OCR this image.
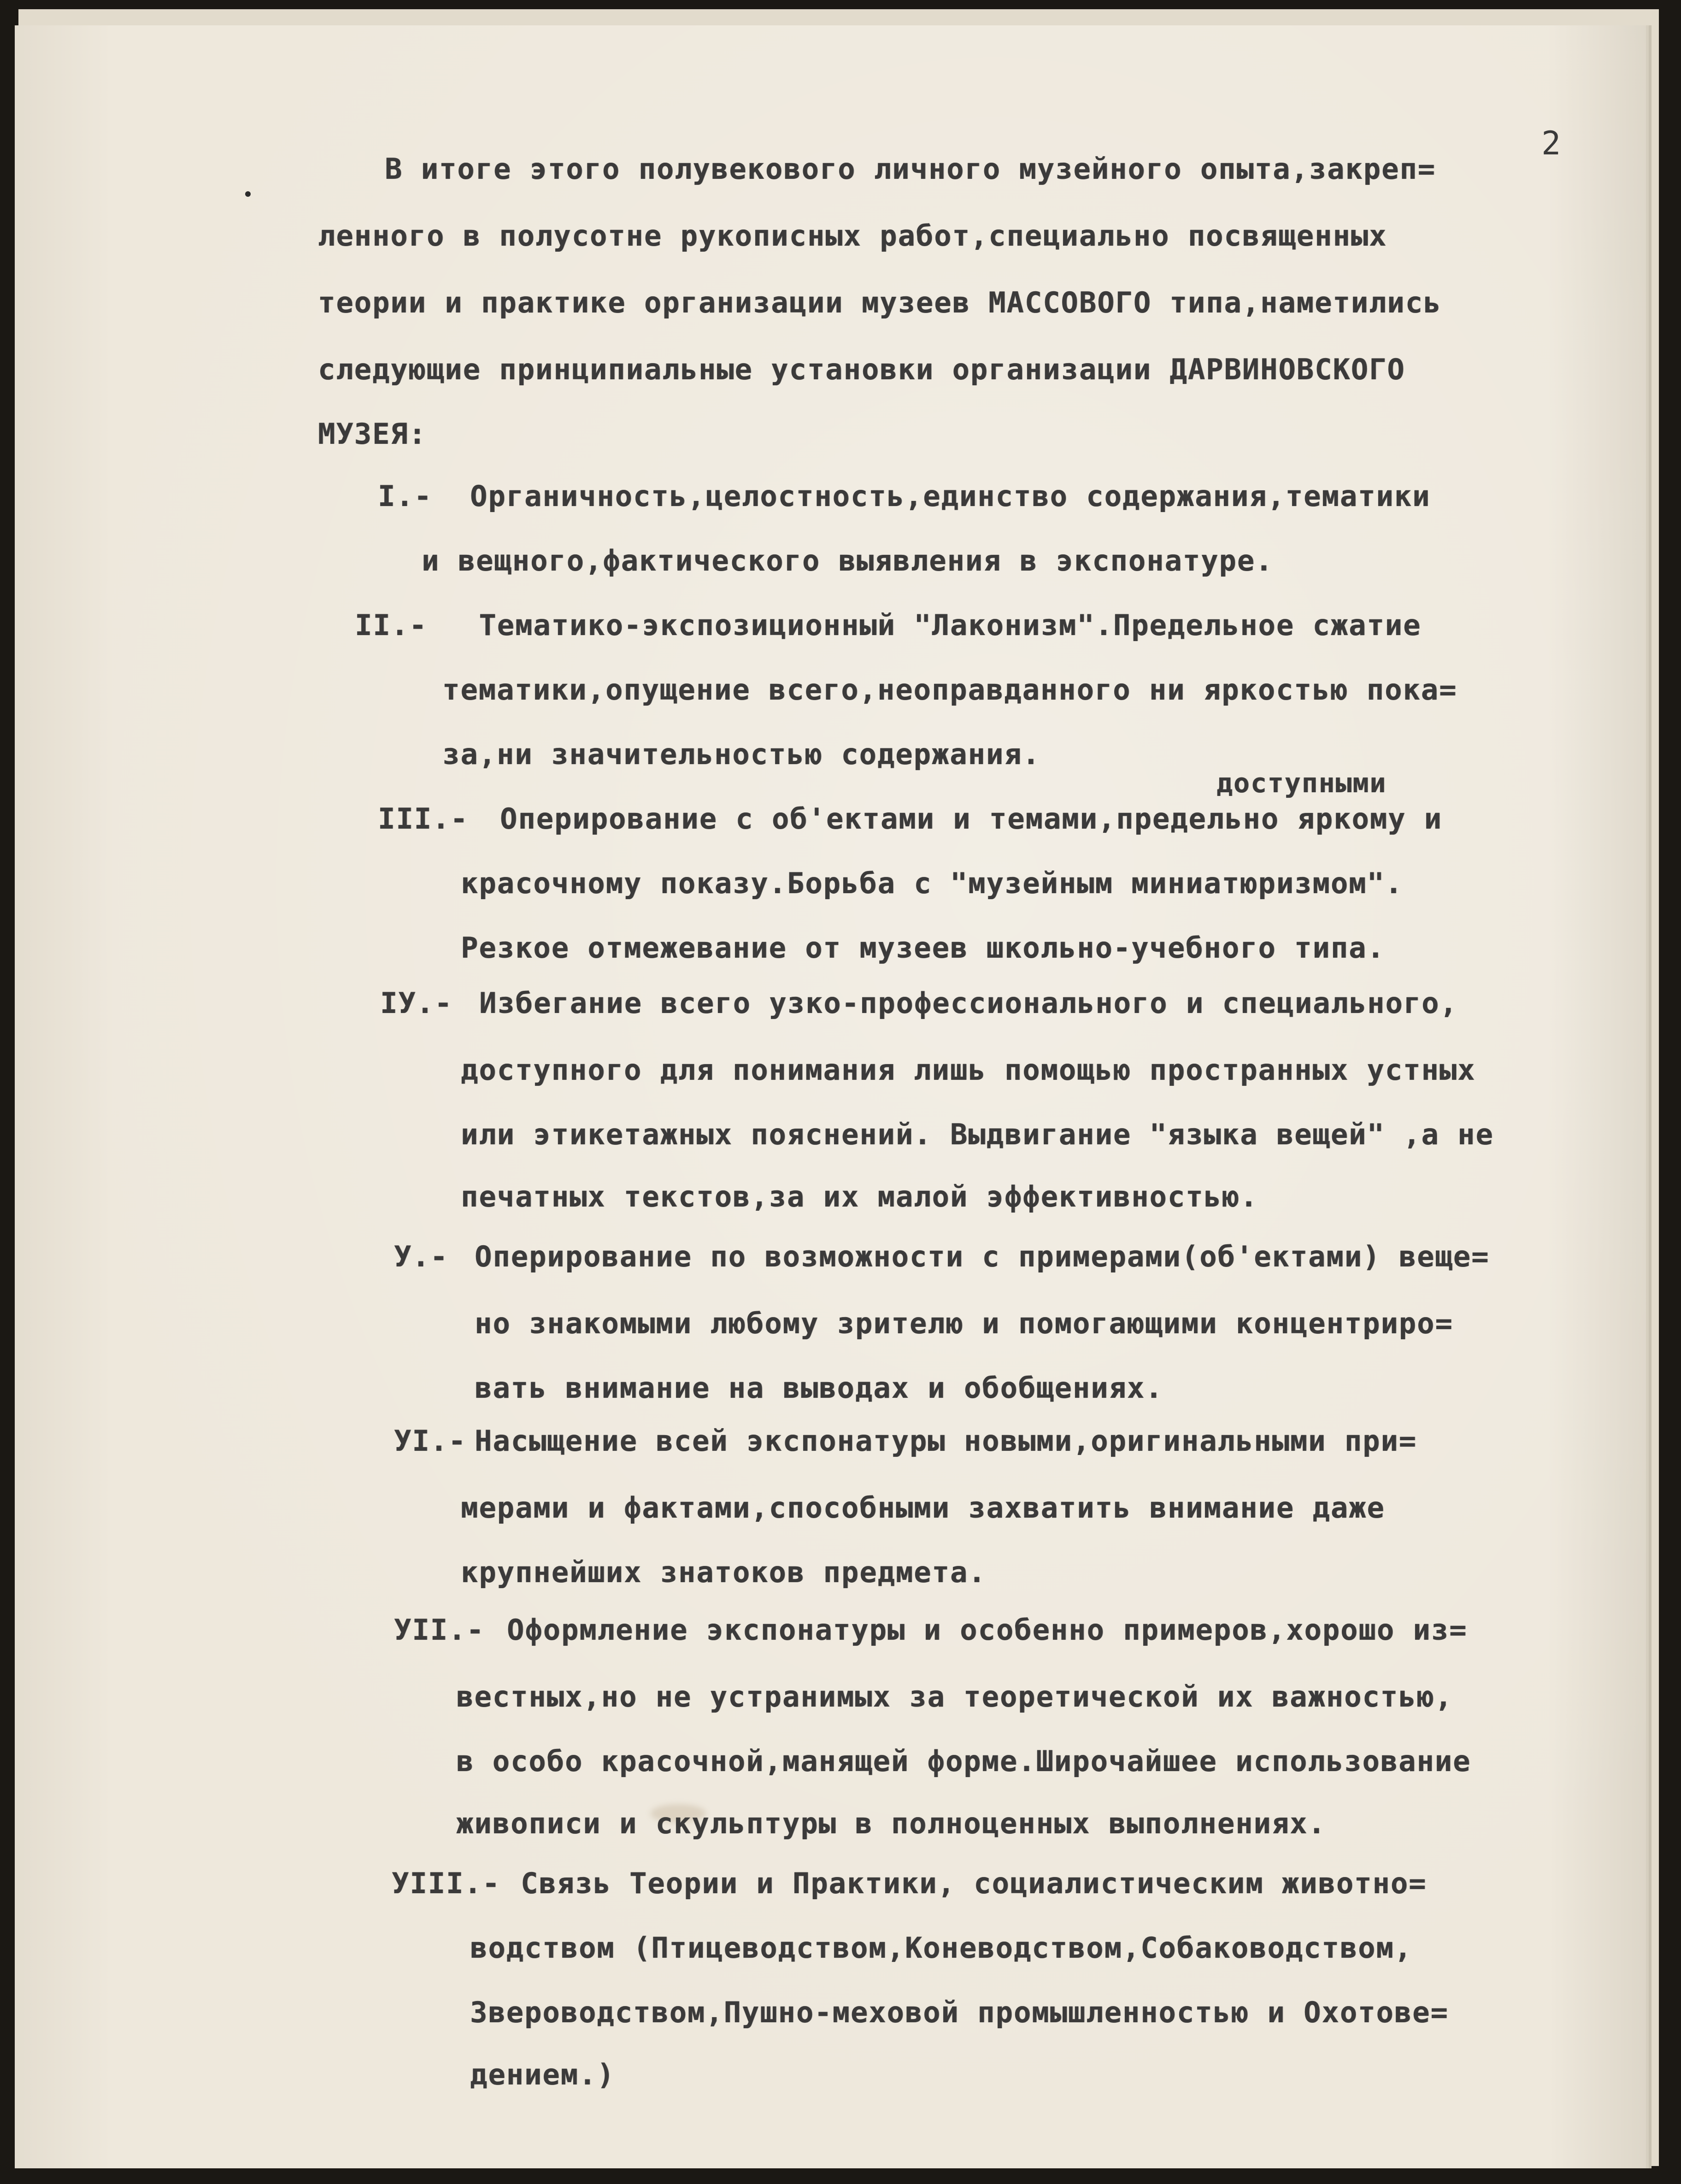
2
В итоге этого полувекового личного музейного опыта,закреп=
ленного в полусотне рукописных работ,специально посвященных
теории и практике организации музеев МАССОВОГО типа,наметились
следующие принципиальные установки организации ДАРВИНОВСКОГО
МУЗЕЯ:
I.- Органичность,целостность,единство содержания,тематики
и вещного,фактического выявления в экспонатуре.
II.- Тематико-экспозиционный "Лаконизм".Предельное сжатие
тематики,опущение всего,неоправданного ни яркостью пока=
за,ни значительностью содержания.
доступными
III.- Оперирование с об'ектами и темами,предельно яркому и
красочному показу.Борьба с "музейным миниатюризмом".
Резкое отмежевание от музеев школьно-учебного типа.
IУ.- Избегание всего узко-профессионального и специального,
доступного для понимания лишь помощью пространных устных
или этикетажных пояснений. Выдвигание "языка вещей" ,а не
печатных текстов,за их малой эффективностью.
У.- Оперирование по возможности с примерами(об'ектами) веще=
но знакомыми любому зрителю и помогающими концентриро=
вать внимание на выводах и обобщениях.
УI.- Насыщение всей экспонатуры новыми,оригинальными при=
мерами и фактами,способными захватить внимание даже
крупнейших знатоков предмета.
УII.- Оформление экспонатуры и особенно примеров,хорошо из=
вестных,но не устранимых за теоретической их важностью,
в особо красочной,манящей форме.Широчайшее использование
живописи и скульптуры в полноценных выполнениях.
УIII.- Связь Теории и Практики, социалистическим животно=
водством (Птицеводством,Коневодством,Собаководством,
Звероводством,Пушно-меховой промышленностью и Охотове=
дением.)
